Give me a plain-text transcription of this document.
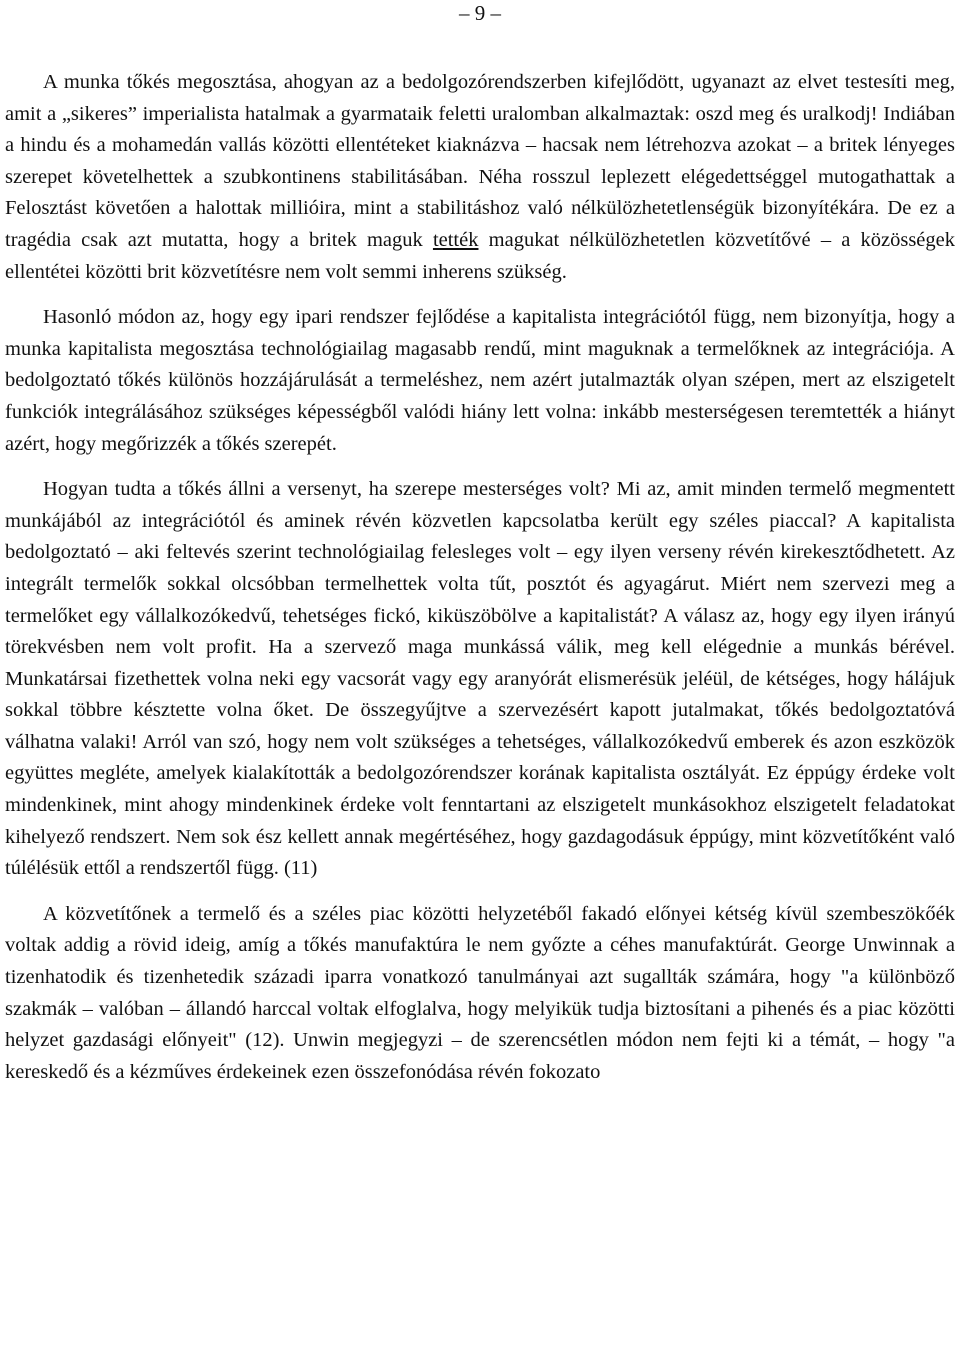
– 9 –

A munka tőkés megosztása, ahogyan az a bedolgozórendszerben kifejlődött, ugyanazt az elvet testesíti meg, amit a „sikeres” imperialista hatalmak a gyarmataik feletti uralomban alkalmaztak: oszd meg és uralkodj! Indiában a hindu és a mohamedán vallás közötti ellentéteket kiaknázva – hacsak nem létrehozva azokat – a britek lényeges szerepet követelhettek a szubkontinens stabilitásában. Néha rosszul leplezett elégedettséggel mutogathattak a Felosztást követően a halottak millióira, mint a stabilitáshoz való nélkülözhetetlenségük bizonyítékára. De ez a tragédia csak azt mutatta, hogy a britek maguk tették magukat nélkülözhetetlen közvetítővé – a közösségek ellentétei közötti brit közvetítésre nem volt semmi inherens szükség.

Hasonló módon az, hogy egy ipari rendszer fejlődése a kapitalista integrációtól függ, nem bizonyítja, hogy a munka kapitalista megosztása technológiailag magasabb rendű, mint maguknak a termelőknek az integrációja. A bedolgoztató tőkés különös hozzájárulását a termeléshez, nem azért jutalmazták olyan szépen, mert az elszigetelt funkciók integrálásához szükséges képességből valódi hiány lett volna: inkább mesterségesen teremtették a hiányt azért, hogy megőrizzék a tőkés szerepét.

Hogyan tudta a tőkés állni a versenyt, ha szerepe mesterséges volt? Mi az, amit minden termelő megmentett munkájából az integrációtól és aminek révén közvetlen kapcsolatba került egy széles piaccal? A kapitalista bedolgoztató – aki feltevés szerint technológiailag felesleges volt – egy ilyen verseny révén kirekesztődhetett. Az integrált termelők sokkal olcsóbban termelhettek volta tűt, posztót és agyagárut. Miért nem szervezi meg a termelőket egy vállalkozókedvű, tehetséges fickó, kiküszöbölve a kapitalistát? A válasz az, hogy egy ilyen irányú törekvésben nem volt profit. Ha a szervező maga munkássá válik, meg kell elégednie a munkás bérével. Munkatársai fizethettek volna neki egy vacsorát vagy egy aranyórát elismerésük jeléül, de kétséges, hogy hálájuk sokkal többre késztette volna őket. De összegyűjtve a szervezésért kapott jutalmakat, tőkés bedolgoztatóvá válhatna valaki! Arról van szó, hogy nem volt szükséges a tehetséges, vállalkozókedvű emberek és azon eszközök együttes megléte, amelyek kialakították a bedolgozórendszer korának kapitalista osztályát. Ez éppúgy érdeke volt mindenkinek, mint ahogy mindenkinek érdeke volt fenntartani az elszigetelt munkásokhoz elszigetelt feladatokat kihelyező rendszert. Nem sok ész kellett annak megértéséhez, hogy gazdagodásuk éppúgy, mint közvetítőként való túlélésük ettől a rendszertől függ. (11)

A közvetítőnek a termelő és a széles piac közötti helyzetéből fakadó előnyei kétség kívül szembeszökőék voltak addig a rövid ideig, amíg a tőkés manufaktúra le nem győzte a céhes manufaktúrát. George Unwinnak a tizenhatodik és tizenhetedik századi iparra vonatkozó tanulmányai azt sugallták számára, hogy "a különböző szakmák – valóban – állandó harccal voltak elfoglalva, hogy melyikük tudja biztosítani a pihenés és a piac közötti helyzet gazdasági előnyeit" (12). Unwin megjegyzi – de szerencsétlen módon nem fejti ki a témát, – hogy "a kereskedő és a kézműves érdekeinek ezen összefonódása révén fokozato
